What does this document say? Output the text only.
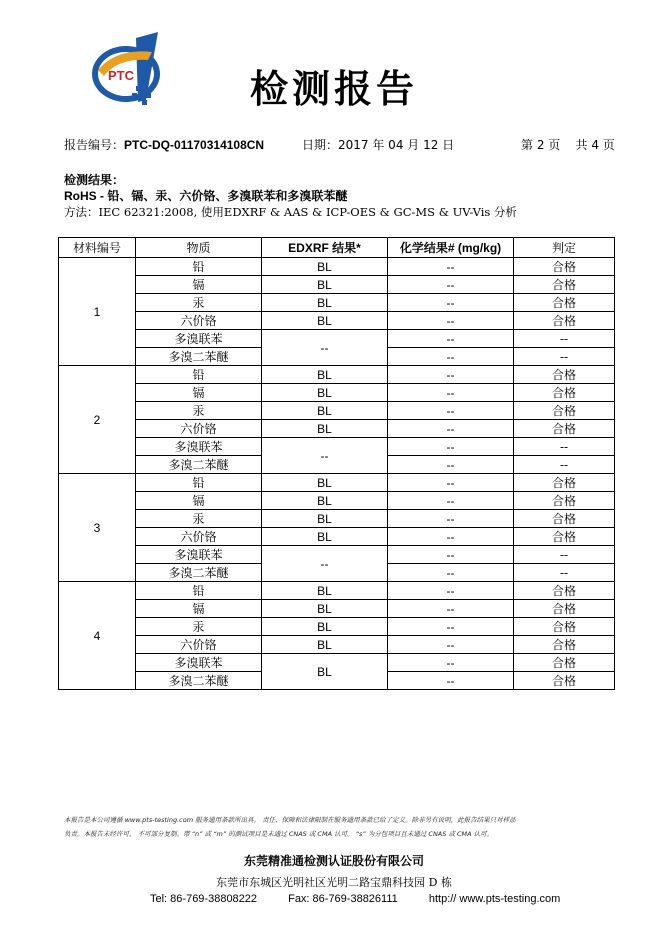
PTC	检测报告
报告编号：PTC-DQ-01170314108CN	日期：2017 年 04 月 12 日	第 2 页    共 4 页
检测结果：
RoHS - 铅、镉、汞、六价铬、多溴联苯和多溴联苯醚
方法：IEC 62321:2008, 使用EDXRF & AAS & ICP-OES & GC-MS & UV-Vis 分析
材料编号	物质	EDXRF 结果*	化学结果# (mg/kg)	判定
1	铅	BL	--	合格
	镉	BL	--	合格
	汞	BL	--	合格
	六价铬	BL	--	合格
	多溴联苯	--	--	--
	多溴二苯醚		--	--
2	铅	BL	--	合格
	镉	BL	--	合格
	汞	BL	--	合格
	六价铬	BL	--	合格
	多溴联苯	--	--	--
	多溴二苯醚		--	--
3	铅	BL	--	合格
	镉	BL	--	合格
	汞	BL	--	合格
	六价铬	BL	--	合格
	多溴联苯	--	--	--
	多溴二苯醚		--	--
4	铅	BL	--	合格
	镉	BL	--	合格
	汞	BL	--	合格
	六价铬	BL	--	合格
	多溴联苯	BL	--	合格
	多溴二苯醚		--	合格
本报告是本公司遵循 www.pts-testing.com 服务通用条款所出具。 责任、保障和法律限制在服务通用条款已给了定义。除非另有说明，此报告结果只对样品
负责。本报告未经许可， 不可部分复制。带 “n” 或 “m” 的测试项目是未通过 CNAS 或 CMA 认可。 “s” 为分包项目且未通过 CNAS 或 CMA 认可。
东莞精准通检测认证股份有限公司
东莞市东城区光明社区光明二路宝鼎科技园 D 栋
Tel: 86-769-38808222	Fax: 86-769-38826111	http:// www.pts-testing.com
